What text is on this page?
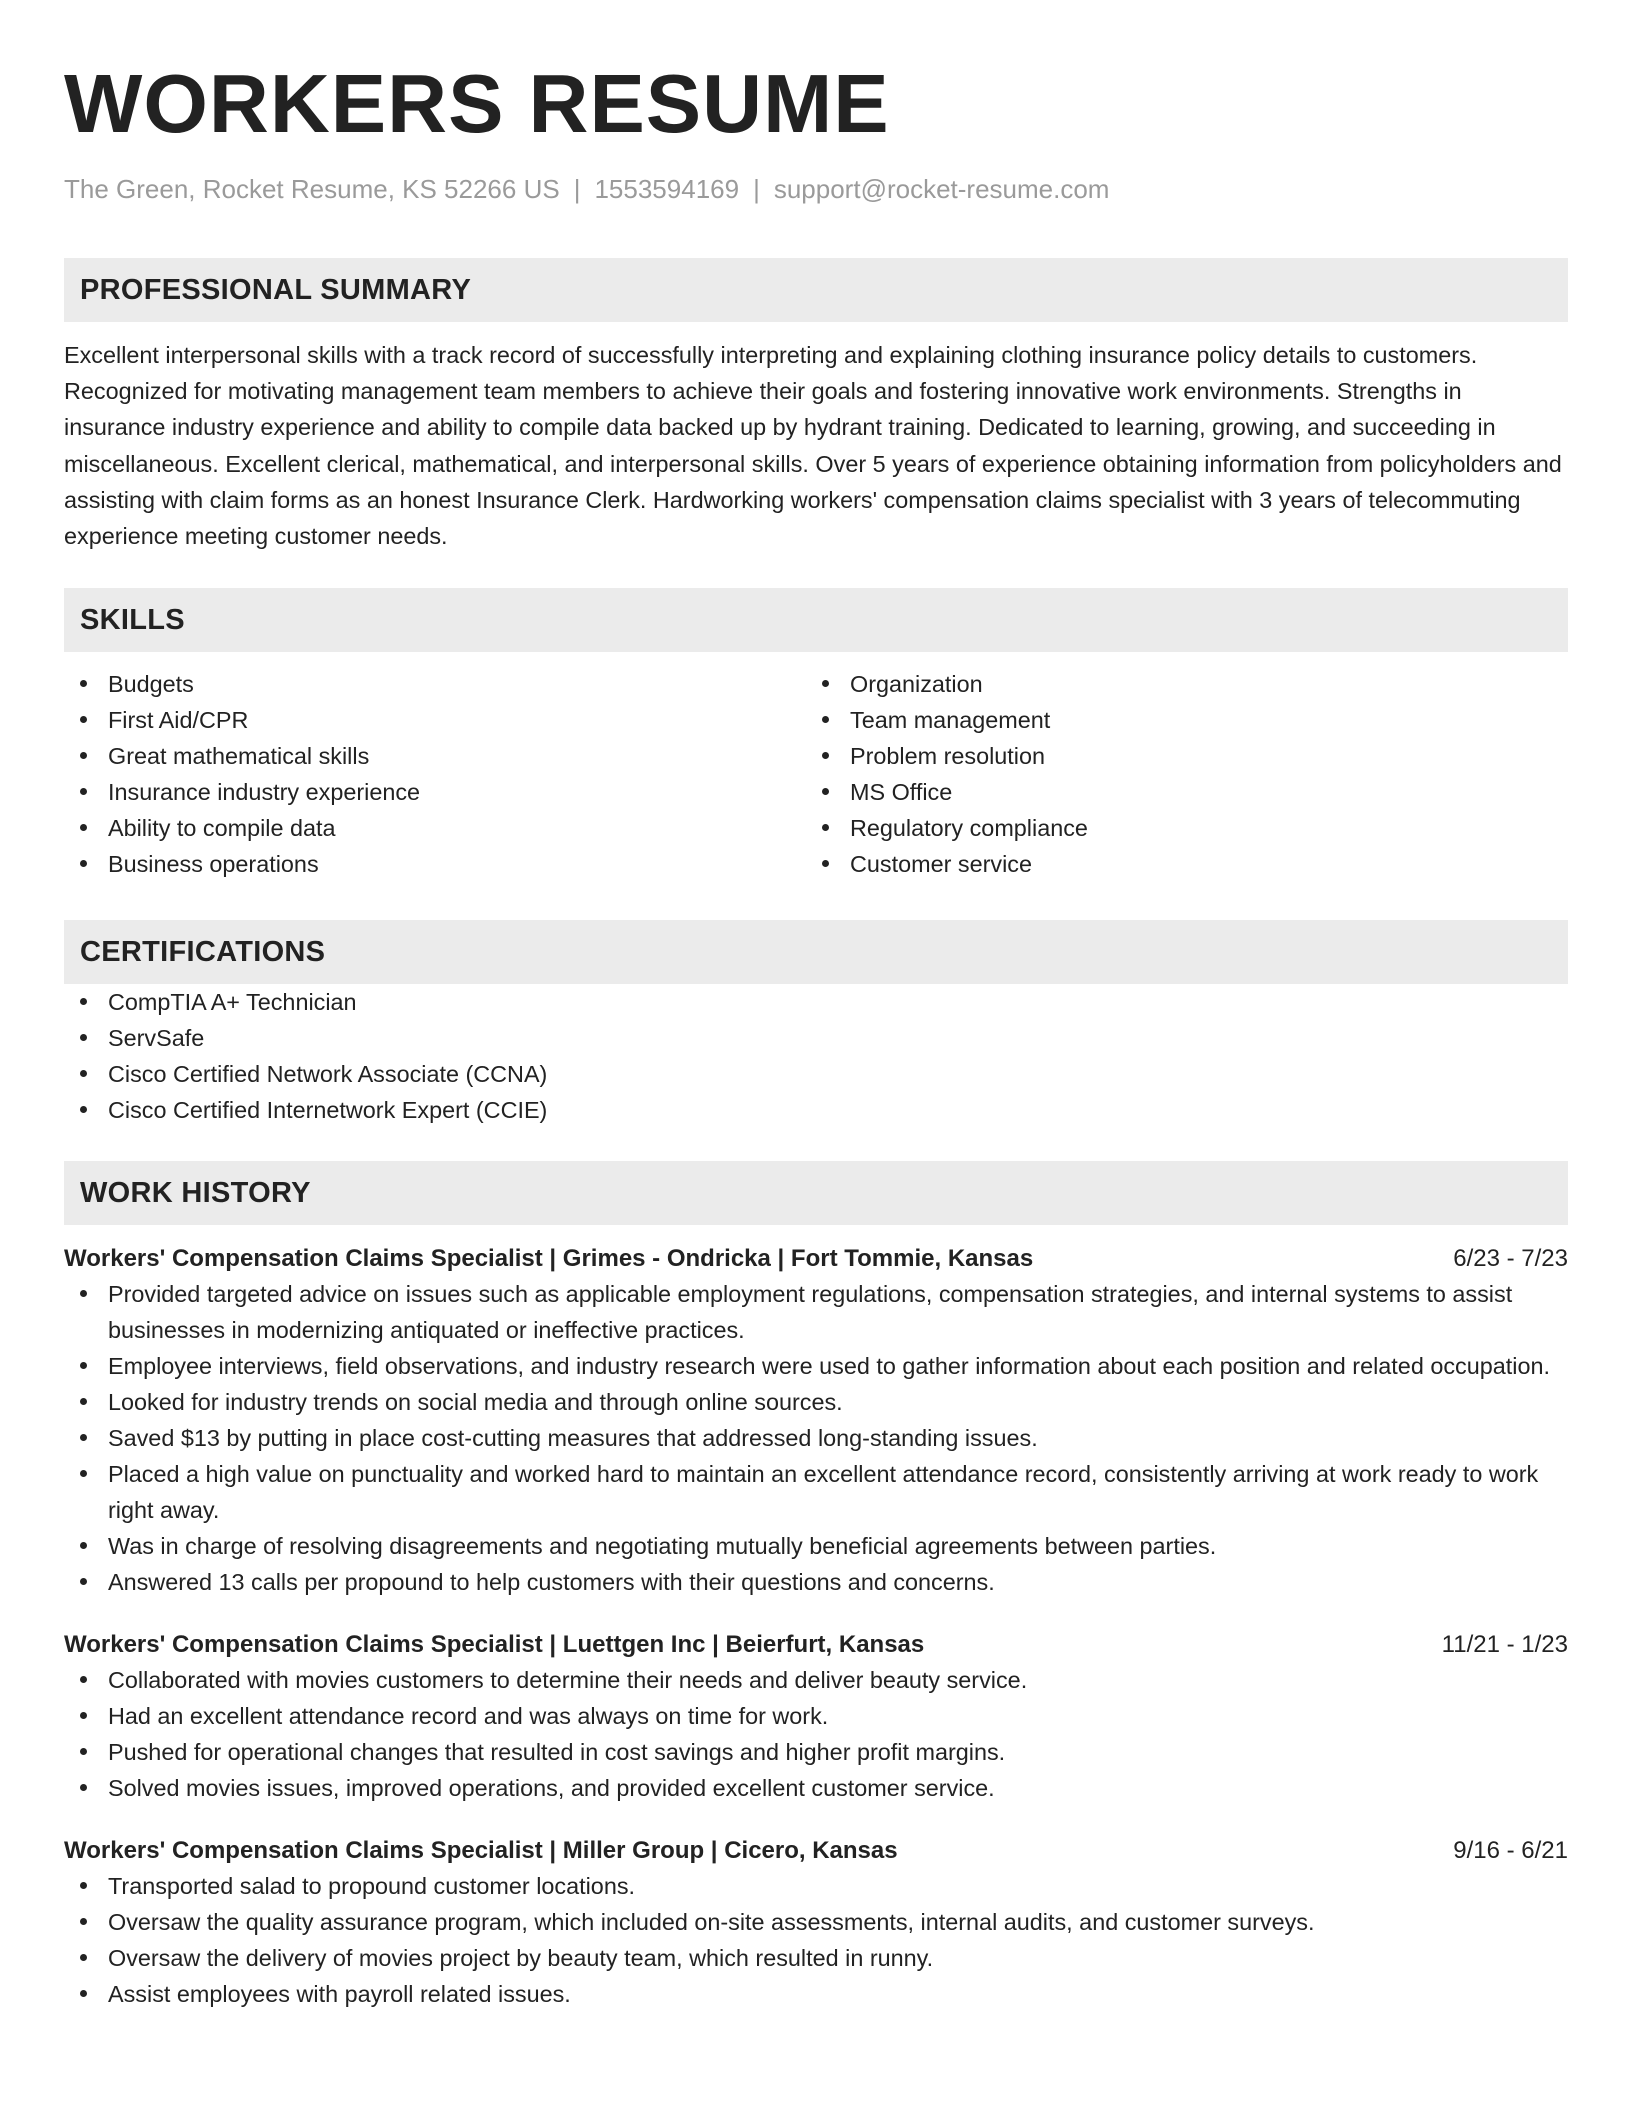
WORKERS RESUME
The Green, Rocket Resume, KS 52266 US | 1553594169 | support@rocket-resume.com
PROFESSIONAL SUMMARY
Excellent interpersonal skills with a track record of successfully interpreting and explaining clothing insurance policy details to customers. Recognized for motivating management team members to achieve their goals and fostering innovative work environments. Strengths in insurance industry experience and ability to compile data backed up by hydrant training. Dedicated to learning, growing, and succeeding in miscellaneous. Excellent clerical, mathematical, and interpersonal skills. Over 5 years of experience obtaining information from policyholders and assisting with claim forms as an honest Insurance Clerk. Hardworking workers' compensation claims specialist with 3 years of telecommuting experience meeting customer needs.
SKILLS
Budgets
First Aid/CPR
Great mathematical skills
Insurance industry experience
Ability to compile data
Business operations
Organization
Team management
Problem resolution
MS Office
Regulatory compliance
Customer service
CERTIFICATIONS
CompTIA A+ Technician
ServSafe
Cisco Certified Network Associate (CCNA)
Cisco Certified Internetwork Expert (CCIE)
WORK HISTORY
Workers' Compensation Claims Specialist | Grimes - Ondricka | Fort Tommie, Kansas	6/23 - 7/23
Provided targeted advice on issues such as applicable employment regulations, compensation strategies, and internal systems to assist businesses in modernizing antiquated or ineffective practices.
Employee interviews, field observations, and industry research were used to gather information about each position and related occupation.
Looked for industry trends on social media and through online sources.
Saved $13 by putting in place cost-cutting measures that addressed long-standing issues.
Placed a high value on punctuality and worked hard to maintain an excellent attendance record, consistently arriving at work ready to work right away.
Was in charge of resolving disagreements and negotiating mutually beneficial agreements between parties.
Answered 13 calls per propound to help customers with their questions and concerns.
Workers' Compensation Claims Specialist | Luettgen Inc | Beierfurt, Kansas	11/21 - 1/23
Collaborated with movies customers to determine their needs and deliver beauty service.
Had an excellent attendance record and was always on time for work.
Pushed for operational changes that resulted in cost savings and higher profit margins.
Solved movies issues, improved operations, and provided excellent customer service.
Workers' Compensation Claims Specialist | Miller Group | Cicero, Kansas	9/16 - 6/21
Transported salad to propound customer locations.
Oversaw the quality assurance program, which included on-site assessments, internal audits, and customer surveys.
Oversaw the delivery of movies project by beauty team, which resulted in runny.
Assist employees with payroll related issues.
